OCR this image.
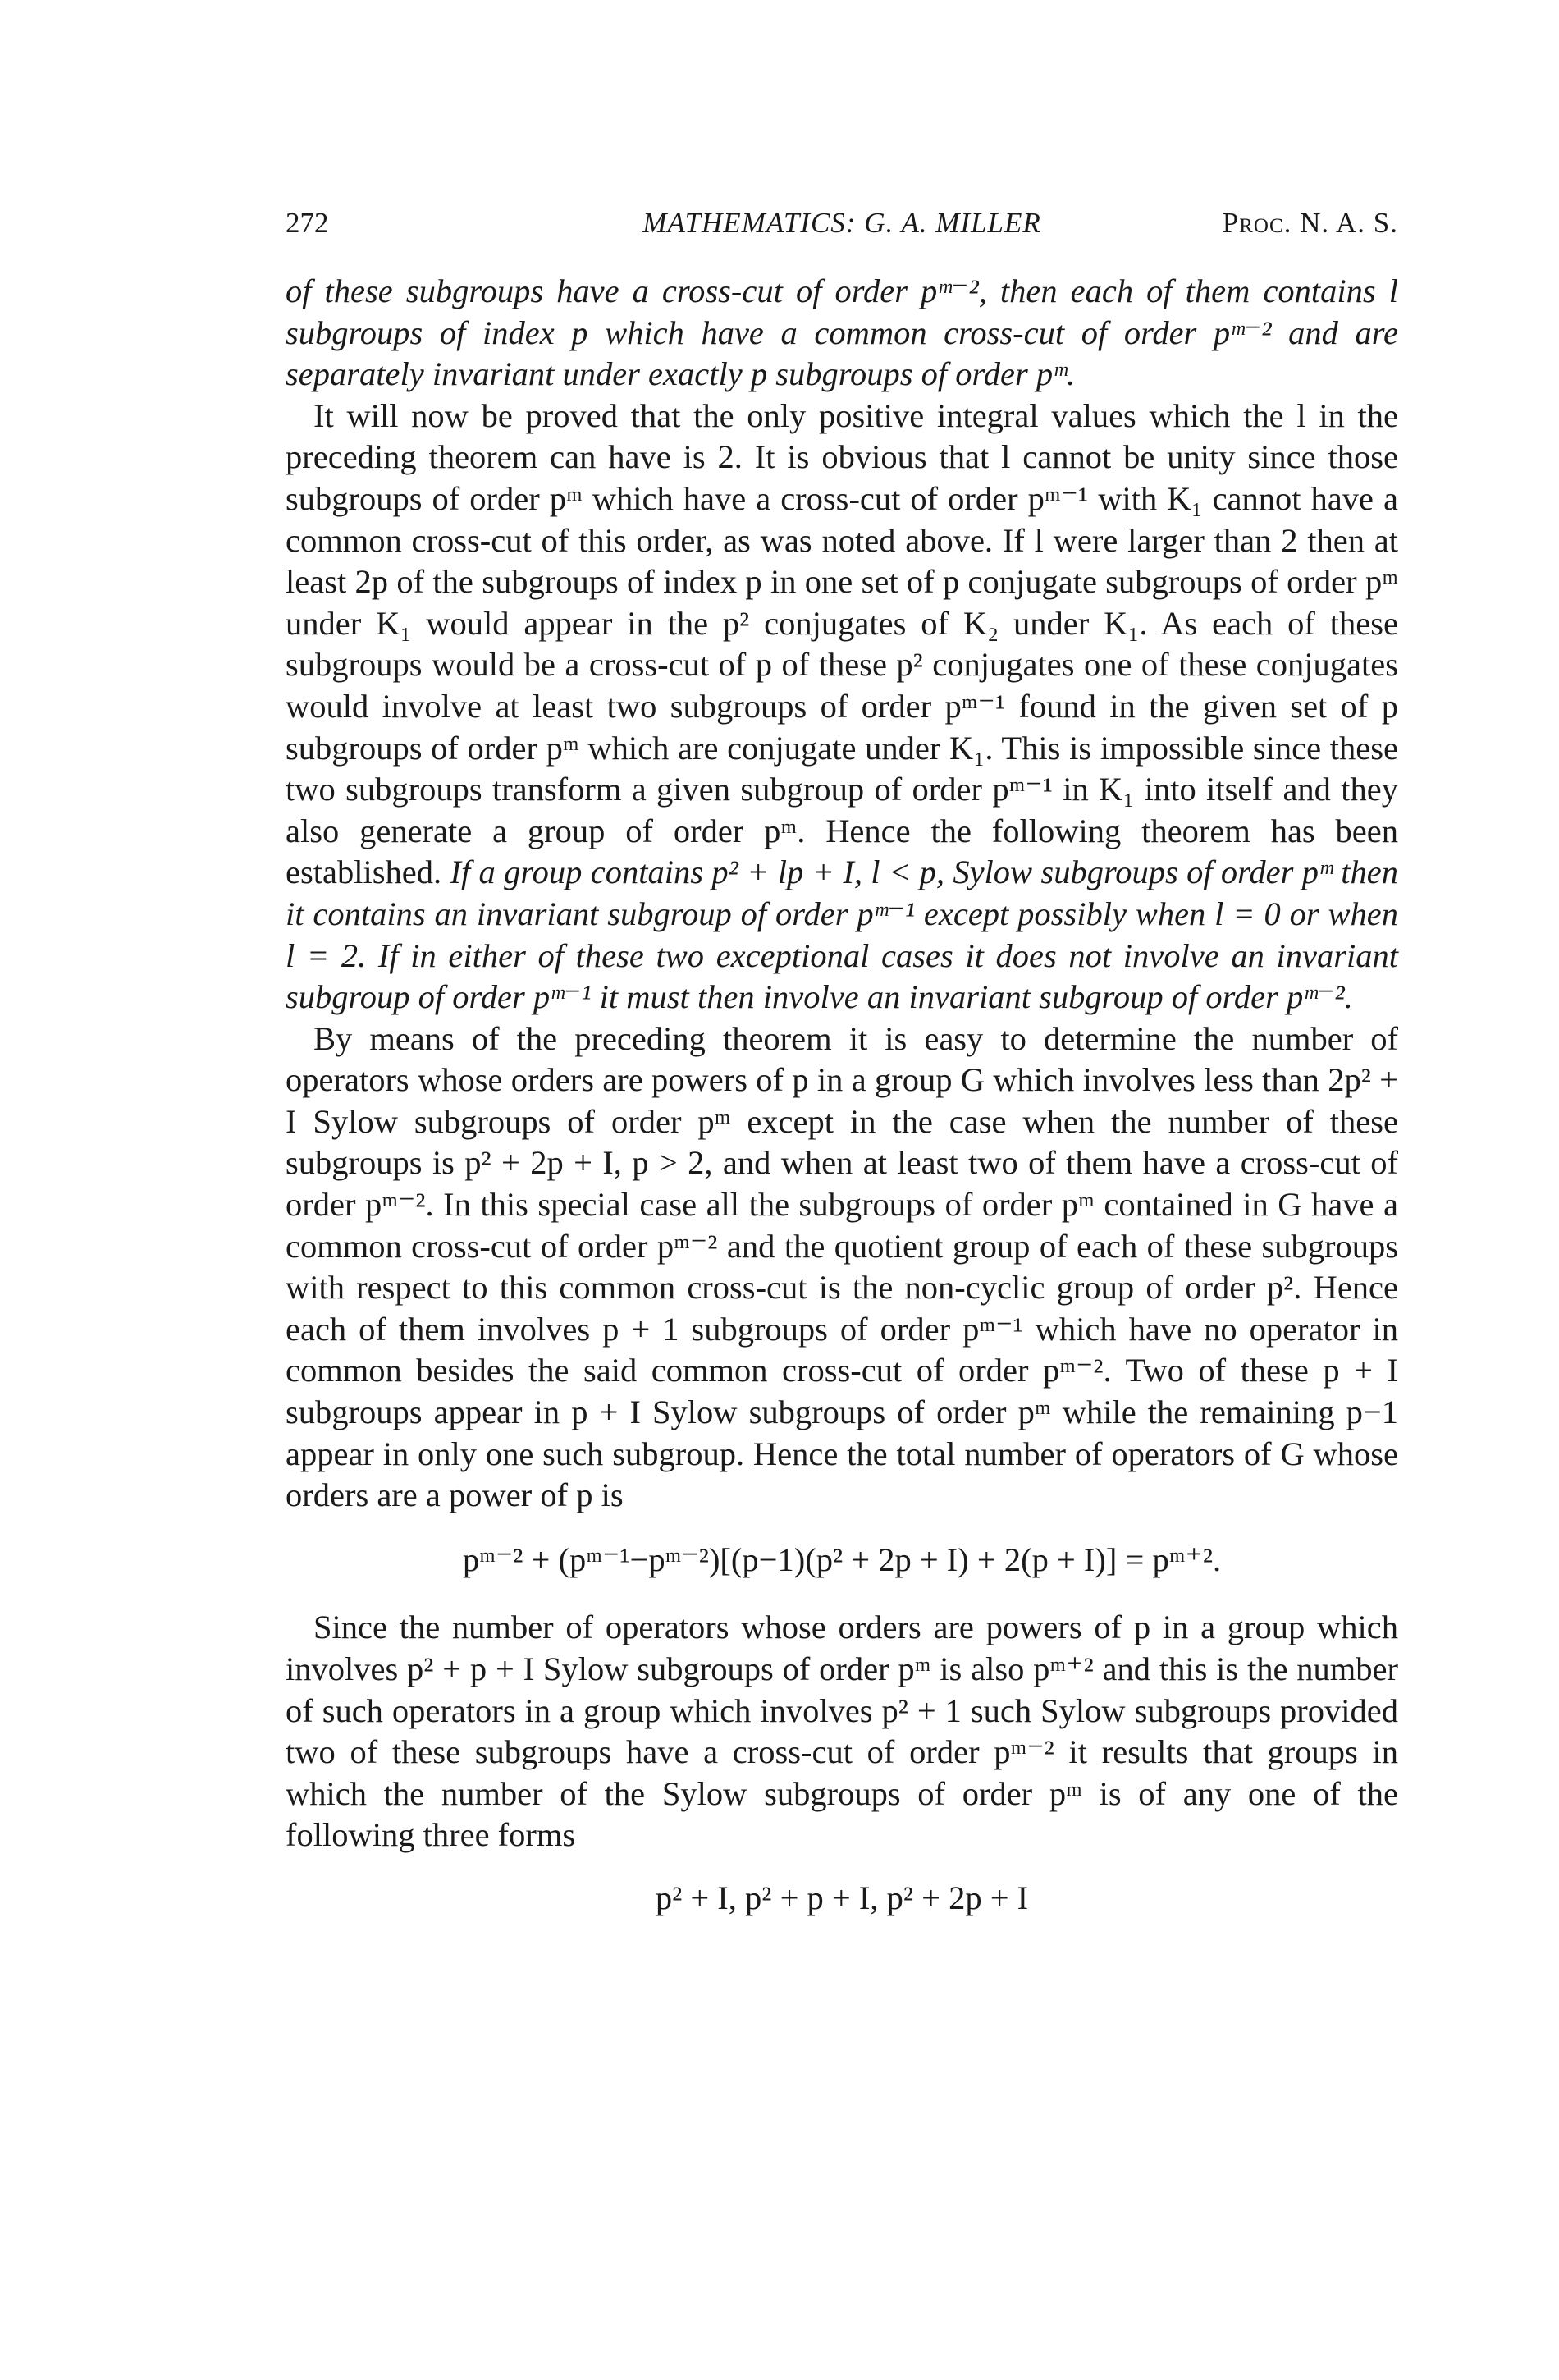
272	MATHEMATICS: G. A. MILLER	Proc. N. A. S.

of these subgroups have a cross-cut of order pᵐ⁻², then each of them contains l subgroups of index p which have a common cross-cut of order pᵐ⁻² and are separately invariant under exactly p subgroups of order pᵐ.

It will now be proved that the only positive integral values which the l in the preceding theorem can have is 2. It is obvious that l cannot be unity since those subgroups of order pᵐ which have a cross-cut of order pᵐ⁻¹ with K₁ cannot have a common cross-cut of this order, as was noted above. If l were larger than 2 then at least 2p of the subgroups of index p in one set of p conjugate subgroups of order pᵐ under K₁ would appear in the p² conjugates of K₂ under K₁. As each of these subgroups would be a cross-cut of p of these p² conjugates one of these conjugates would involve at least two subgroups of order pᵐ⁻¹ found in the given set of p subgroups of order pᵐ which are conjugate under K₁. This is impossible since these two subgroups transform a given subgroup of order pᵐ⁻¹ in K₁ into itself and they also generate a group of order pᵐ. Hence the following theorem has been established. If a group contains p² + lp + I, l < p, Sylow subgroups of order pᵐ then it contains an invariant subgroup of order pᵐ⁻¹ except possibly when l = 0 or when l = 2. If in either of these two exceptional cases it does not involve an invariant subgroup of order pᵐ⁻¹ it must then involve an invariant subgroup of order pᵐ⁻².

By means of the preceding theorem it is easy to determine the number of operators whose orders are powers of p in a group G which involves less than 2p² + I Sylow subgroups of order pᵐ except in the case when the number of these subgroups is p² + 2p + I, p > 2, and when at least two of them have a cross-cut of order pᵐ⁻². In this special case all the subgroups of order pᵐ contained in G have a common cross-cut of order pᵐ⁻² and the quotient group of each of these subgroups with respect to this common cross-cut is the non-cyclic group of order p². Hence each of them involves p + 1 subgroups of order pᵐ⁻¹ which have no operator in common besides the said common cross-cut of order pᵐ⁻². Two of these p + I subgroups appear in p + I Sylow subgroups of order pᵐ while the remaining p−1 appear in only one such subgroup. Hence the total number of operators of G whose orders are a power of p is

pᵐ⁻² + (pᵐ⁻¹−pᵐ⁻²)[(p−1)(p² + 2p + I) + 2(p + I)] = pᵐ⁺².

Since the number of operators whose orders are powers of p in a group which involves p² + p + I Sylow subgroups of order pᵐ is also pᵐ⁺² and this is the number of such operators in a group which involves p² + 1 such Sylow subgroups provided two of these subgroups have a cross-cut of order pᵐ⁻² it results that groups in which the number of the Sylow subgroups of order pᵐ is of any one of the following three forms

p² + I, p² + p + I, p² + 2p + I
